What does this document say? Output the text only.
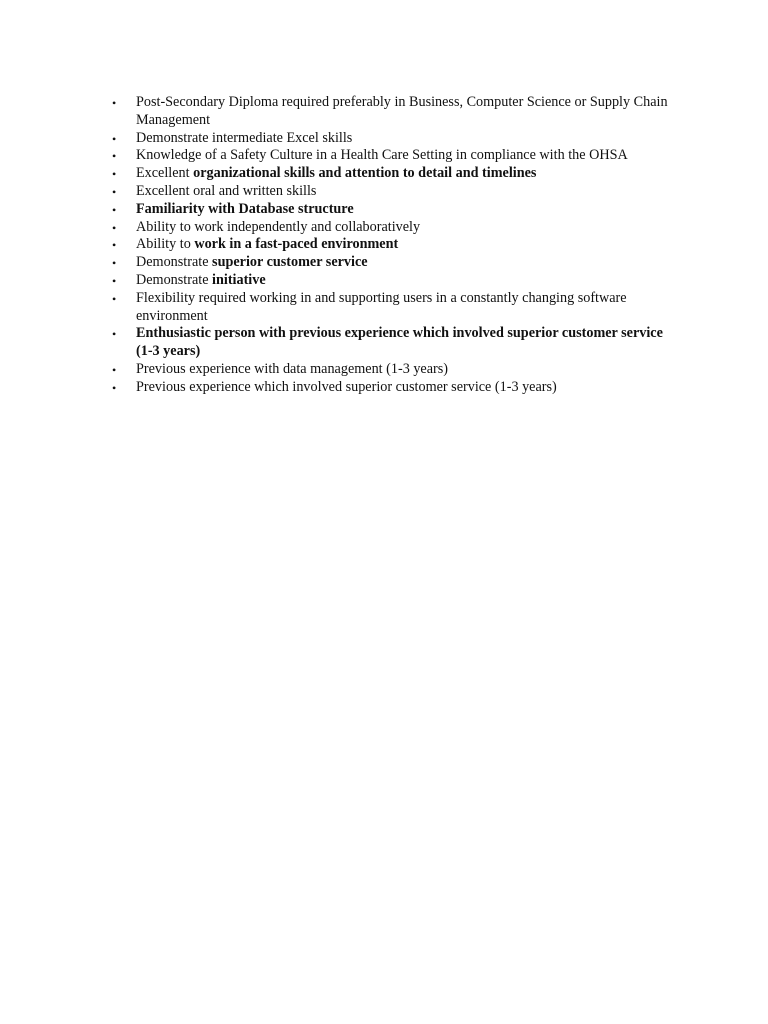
•	Post-Secondary Diploma required preferably in Business, Computer Science or Supply Chain Management
•	Demonstrate intermediate Excel skills
•	Knowledge of a Safety Culture in a Health Care Setting in compliance with the OHSA
•	Excellent organizational skills and attention to detail and timelines
•	Excellent oral and written skills
•	Familiarity with Database structure
•	Ability to work independently and collaboratively
•	Ability to work in a fast-paced environment
•	Demonstrate superior customer service
•	Demonstrate initiative
•	Flexibility required working in and supporting users in a constantly changing software environment
•	Enthusiastic person with previous experience which involved superior customer service (1-3 years)
•	Previous experience with data management (1-3 years)
•	Previous experience which involved superior customer service (1-3 years)
